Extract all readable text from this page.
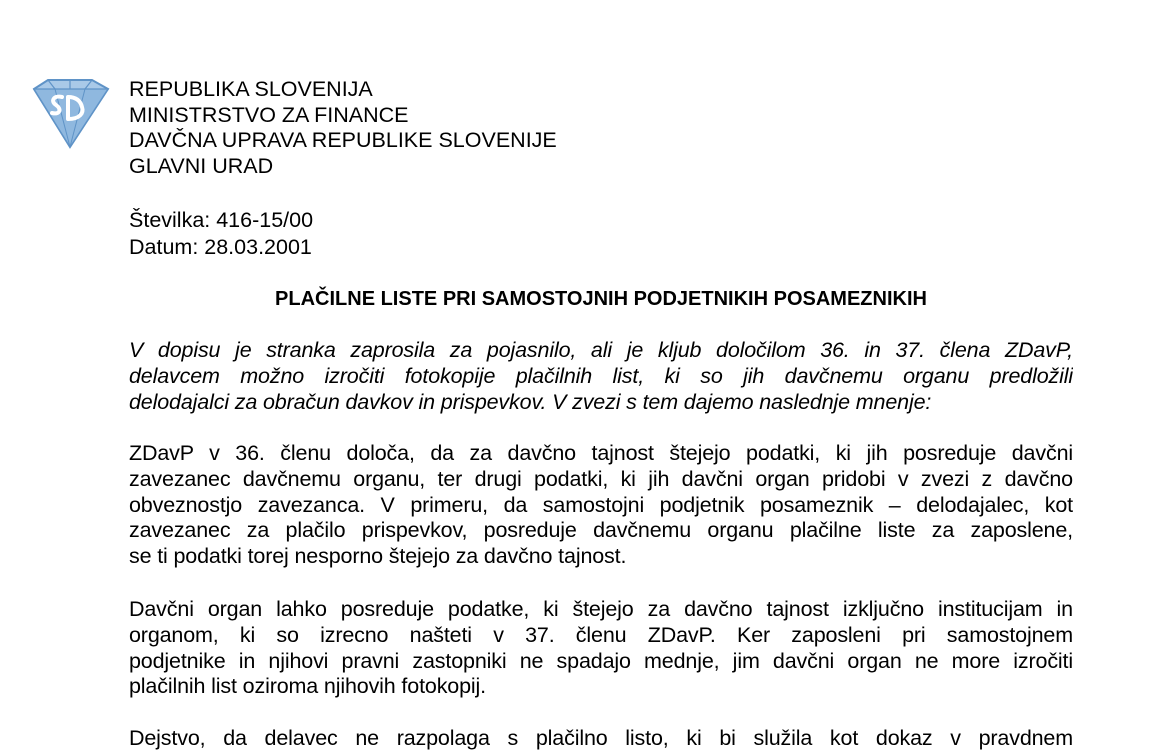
REPUBLIKA SLOVENIJA
MINISTRSTVO ZA FINANCE
DAVČNA UPRAVA REPUBLIKE SLOVENIJE
GLAVNI URAD
Številka: 416-15/00
Datum: 28.03.2001
PLAČILNE LISTE PRI SAMOSTOJNIH PODJETNIKIH POSAMEZNIKIH

V dopisu je stranka zaprosila za pojasnilo, ali je kljub določilom 36. in 37. člena ZDavP,
delavcem možno izročiti fotokopije plačilnih list, ki so jih davčnemu organu predložili
delodajalci za obračun davkov in prispevkov. V zvezi s tem dajemo naslednje mnenje:

ZDavP v 36. členu določa, da za davčno tajnost štejejo podatki, ki jih posreduje davčni
zavezanec davčnemu organu, ter drugi podatki, ki jih davčni organ pridobi v zvezi z davčno
obveznostjo zavezanca. V primeru, da samostojni podjetnik posameznik – delodajalec, kot
zavezanec za plačilo prispevkov, posreduje davčnemu organu plačilne liste za zaposlene,
se ti podatki torej nesporno štejejo za davčno tajnost.

Davčni organ lahko posreduje podatke, ki štejejo za davčno tajnost izključno institucijam in
organom, ki so izrecno našteti v 37. členu ZDavP. Ker zaposleni pri samostojnem
podjetnike in njihovi pravni zastopniki ne spadajo mednje, jim davčni organ ne more izročiti
plačilnih list oziroma njihovih fotokopij.

Dejstvo, da delavec ne razpolaga s plačilno listo, ki bi služila kot dokaz v pravdnem
